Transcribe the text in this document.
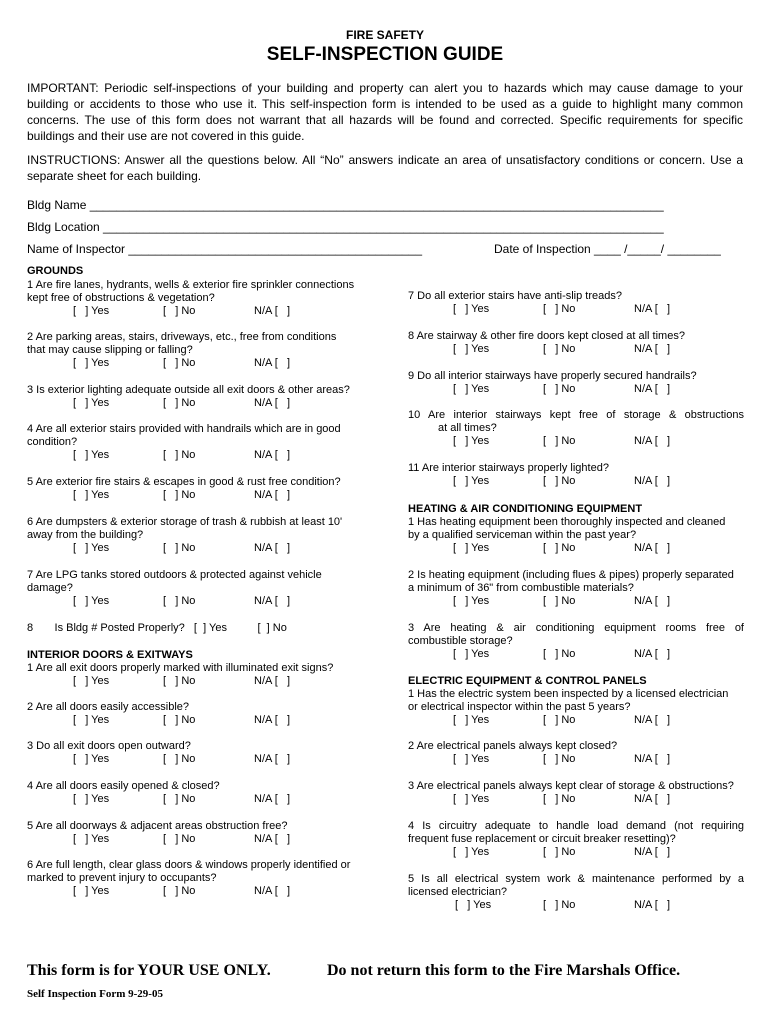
FIRE SAFETY
SELF-INSPECTION GUIDE
IMPORTANT: Periodic self-inspections of your building and property can alert you to hazards which may cause damage to your
building or accidents to those who use it. This self-inspection form is intended to be used as a guide to highlight many common
concerns. The use of this form does not warrant that all hazards will be found and corrected. Specific requirements for specific
buildings and their use are not covered in this guide.
INSTRUCTIONS: Answer all the questions below. All “No” answers indicate an area of unsatisfactory conditions or concern. Use a
separate sheet for each building.
Bldg Name ______________________________________________________________________________________
Bldg Location ____________________________________________________________________________________
Name of Inspector ____________________________________________	Date of Inspection ____ /_____/ ________
GROUNDS
1 Are fire lanes, hydrants, wells & exterior fire sprinkler connections
kept free of obstructions & vegetation?
[   ] Yes	[   ] No	N/A [   ]
2 Are parking areas, stairs, driveways, etc., free from conditions
that may cause slipping or falling?
[   ] Yes	[   ] No	N/A [   ]
3 Is exterior lighting adequate outside all exit doors & other areas?
[   ] Yes	[   ] No	N/A [   ]
4 Are all exterior stairs provided with handrails which are in good
condition?
[   ] Yes	[   ] No	N/A [   ]
5 Are exterior fire stairs & escapes in good & rust free condition?
[   ] Yes	[   ] No	N/A [   ]
6 Are dumpsters & exterior storage of trash & rubbish at least 10'
away from the building?
[   ] Yes	[   ] No	N/A [   ]
7 Are LPG tanks stored outdoors & protected against vehicle
damage?
[   ] Yes	[   ] No	N/A [   ]
8       Is Bldg # Posted Properly?   [  ] Yes          [  ] No
INTERIOR DOORS & EXITWAYS
1 Are all exit doors properly marked with illuminated exit signs?
[   ] Yes	[   ] No	N/A [   ]
2 Are all doors easily accessible?
[   ] Yes	[   ] No	N/A [   ]
3 Do all exit doors open outward?
[   ] Yes	[   ] No	N/A [   ]
4 Are all doors easily opened & closed?
[   ] Yes	[   ] No	N/A [   ]
5 Are all doorways & adjacent areas obstruction free?
[   ] Yes	[   ] No	N/A [   ]
6 Are full length, clear glass doors & windows properly identified or
marked to prevent injury to occupants?
[   ] Yes	[   ] No	N/A [   ]
7 Do all exterior stairs have anti-slip treads?
[   ] Yes	[   ] No	N/A [   ]
8 Are stairway & other fire doors kept closed at all times?
[   ] Yes	[   ] No	N/A [   ]
9 Do all interior stairways have properly secured handrails?
[   ] Yes	[   ] No	N/A [   ]
10 Are interior stairways kept free of storage & obstructions
at all times?
[   ] Yes	[   ] No	N/A [   ]
11 Are interior stairways properly lighted?
[   ] Yes	[   ] No	N/A [   ]
HEATING & AIR CONDITIONING EQUIPMENT
1 Has heating equipment been thoroughly inspected and cleaned
by a qualified serviceman within the past year?
[   ] Yes	[   ] No	N/A [   ]
2 Is heating equipment (including flues & pipes) properly separated
a minimum of 36" from combustible materials?
[   ] Yes	[   ] No	N/A [   ]
3 Are heating & air conditioning equipment rooms free of
combustible storage?
[   ] Yes	[   ] No	N/A [   ]
ELECTRIC EQUIPMENT & CONTROL PANELS
1 Has the electric system been inspected by a licensed electrician
or electrical inspector within the past 5 years?
[   ] Yes	[   ] No	N/A [   ]
2 Are electrical panels always kept closed?
[   ] Yes	[   ] No	N/A [   ]
3 Are electrical panels always kept clear of storage & obstructions?
[   ] Yes	[   ] No	N/A [   ]
4 Is circuitry adequate to handle load demand (not requiring
frequent fuse replacement or circuit breaker resetting)?
[   ] Yes	[   ] No	N/A [   ]
5 Is all electrical system work & maintenance performed by a
licensed electrician?
[   ] Yes	[   ] No	N/A [   ]
This form is for YOUR USE ONLY.	Do not return this form to the Fire Marshals Office.
Self Inspection Form 9-29-05
